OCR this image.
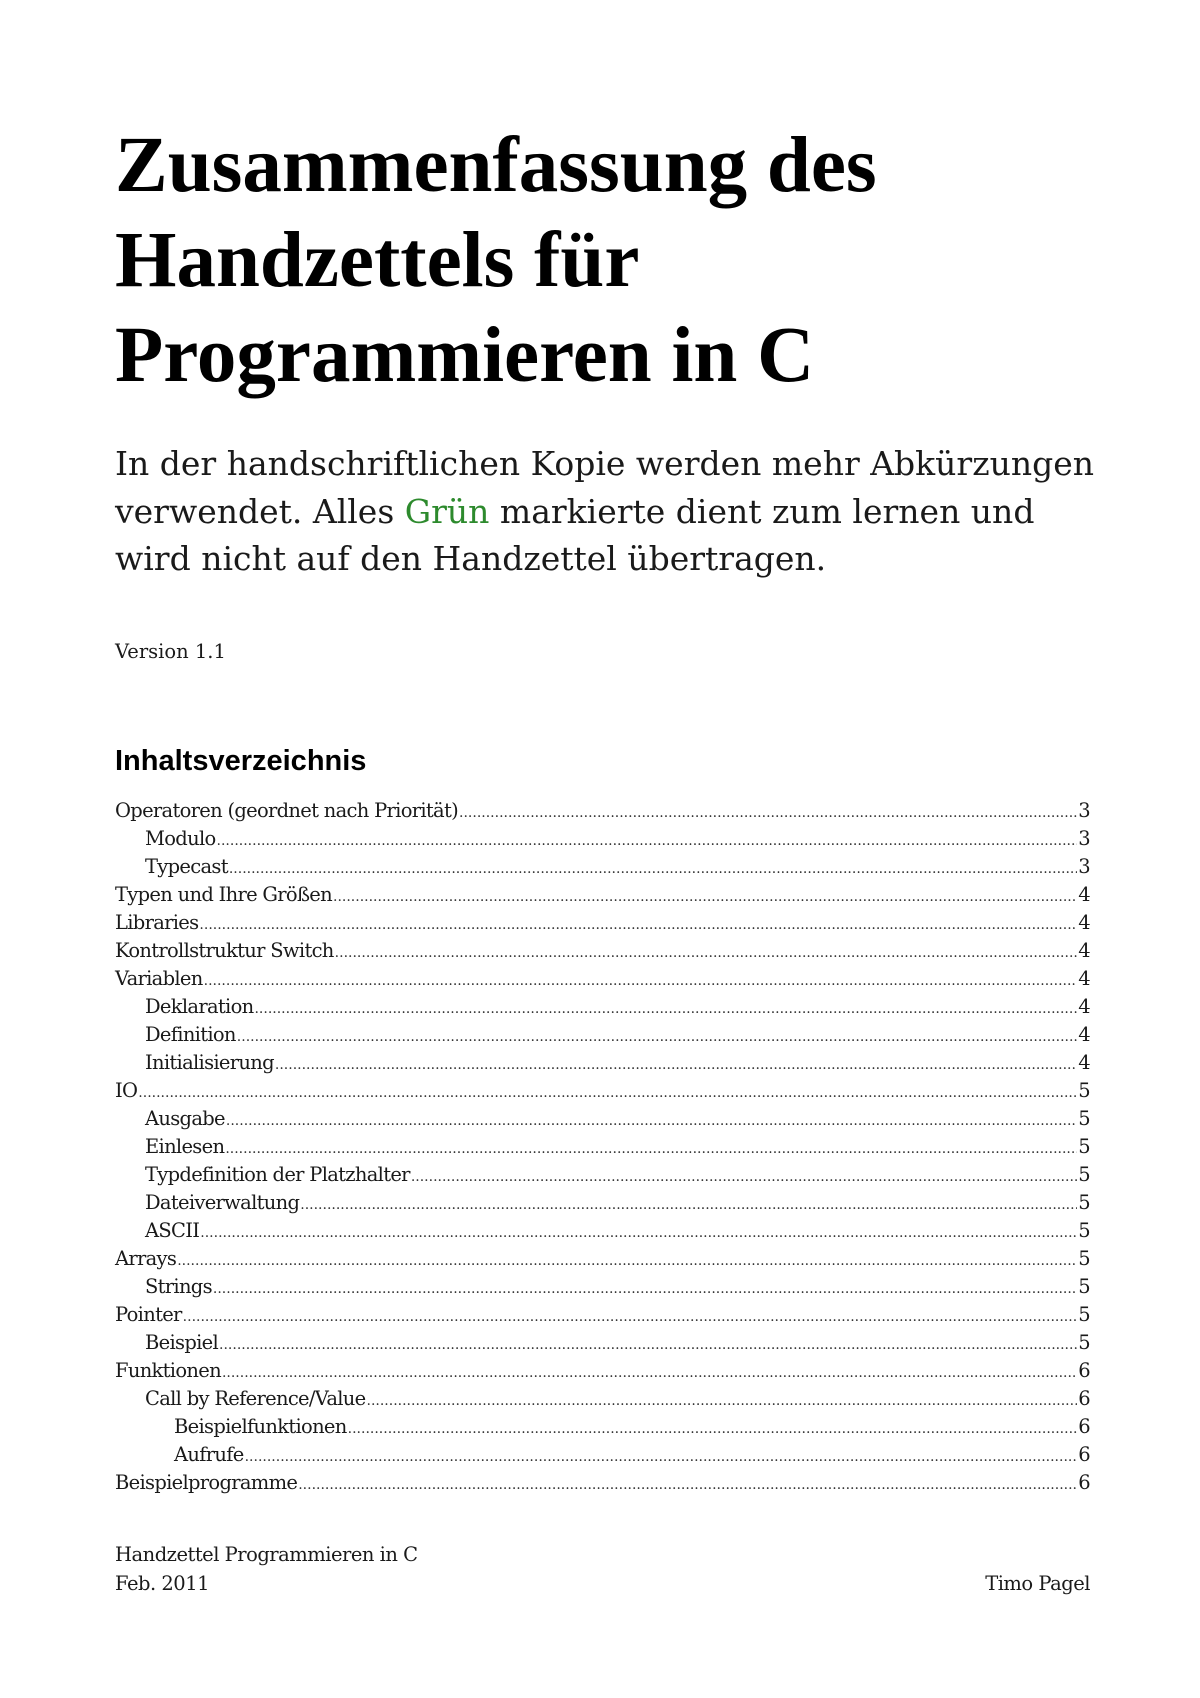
Zusammenfassung des
Handzettels für
Programmieren in C

In der handschriftlichen Kopie werden mehr Abkürzungen verwendet. Alles Grün markierte dient zum lernen und wird nicht auf den Handzettel übertragen.

Version 1.1

Inhaltsverzeichnis
Operatoren (geordnet nach Priorität) .....	3
Modulo .....	3
Typecast .....	3
Typen und Ihre Größen .....	4
Libraries .....	4
Kontrollstruktur Switch .....	4
Variablen .....	4
Deklaration .....	4
Definition .....	4
Initialisierung .....	4
IO .....	5
Ausgabe .....	5
Einlesen .....	5
Typdefinition der Platzhalter .....	5
Dateiverwaltung .....	5
ASCII .....	5
Arrays .....	5
Strings .....	5
Pointer .....	5
Beispiel .....	5
Funktionen .....	6
Call by Reference/Value .....	6
Beispielfunktionen .....	6
Aufrufe .....	6
Beispielprogramme .....	6

Handzettel Programmieren in C
Feb. 2011	Timo Pagel
